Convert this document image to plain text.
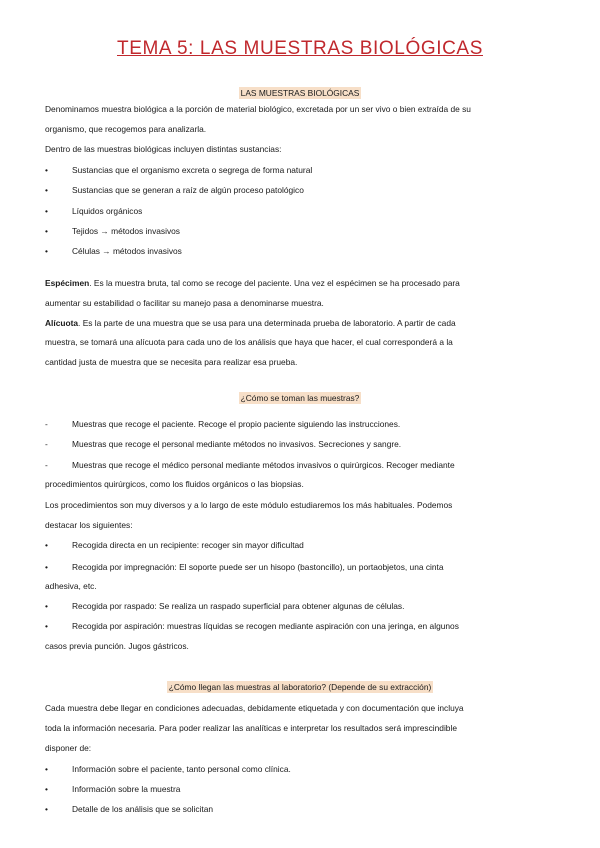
TEMA 5: LAS MUESTRAS BIOLÓGICAS
LAS MUESTRAS BIOLÓGICAS
Denominamos muestra biológica a la porción de material biológico, excretada por un ser vivo o bien extraída de su
organismo, que recogemos para analizarla.
Dentro de las muestras biológicas incluyen distintas sustancias:
•	Sustancias que el organismo excreta o segrega de forma natural
•	Sustancias que se generan a raíz de algún proceso patológico
•	Líquidos orgánicos
•	Tejidos → métodos invasivos
•	Células → métodos invasivos
Espécimen. Es la muestra bruta, tal como se recoge del paciente. Una vez el espécimen se ha procesado para
aumentar su estabilidad o facilitar su manejo pasa a denominarse muestra.
Alícuota. Es la parte de una muestra que se usa para una determinada prueba de laboratorio. A partir de cada
muestra, se tomará una alícuota para cada uno de los análisis que haya que hacer, el cual corresponderá a la
cantidad justa de muestra que se necesita para realizar esa prueba.
¿Cómo se toman las muestras?
-	Muestras que recoge el paciente. Recoge el propio paciente siguiendo las instrucciones.
-	Muestras que recoge el personal mediante métodos no invasivos. Secreciones y sangre.
-	Muestras que recoge el médico personal mediante métodos invasivos o quirúrgicos. Recoger mediante
procedimientos quirúrgicos, como los fluidos orgánicos o las biopsias.
Los procedimientos son muy diversos y a lo largo de este módulo estudiaremos los más habituales. Podemos
destacar los siguientes:
•	Recogida directa en un recipiente: recoger sin mayor dificultad
•	Recogida por impregnación: El soporte puede ser un hisopo (bastoncillo), un portaobjetos, una cinta
adhesiva, etc.
•	Recogida por raspado: Se realiza un raspado superficial para obtener algunas de células.
•	Recogida por aspiración: muestras líquidas se recogen mediante aspiración con una jeringa, en algunos
casos previa punción. Jugos gástricos.
¿Cómo llegan las muestras al laboratorio? (Depende de su extracción)
Cada muestra debe llegar en condiciones adecuadas, debidamente etiquetada y con documentación que incluya
toda la información necesaria. Para poder realizar las analíticas e interpretar los resultados será imprescindible
disponer de:
•	Información sobre el paciente, tanto personal como clínica.
•	Información sobre la muestra
•	Detalle de los análisis que se solicitan
